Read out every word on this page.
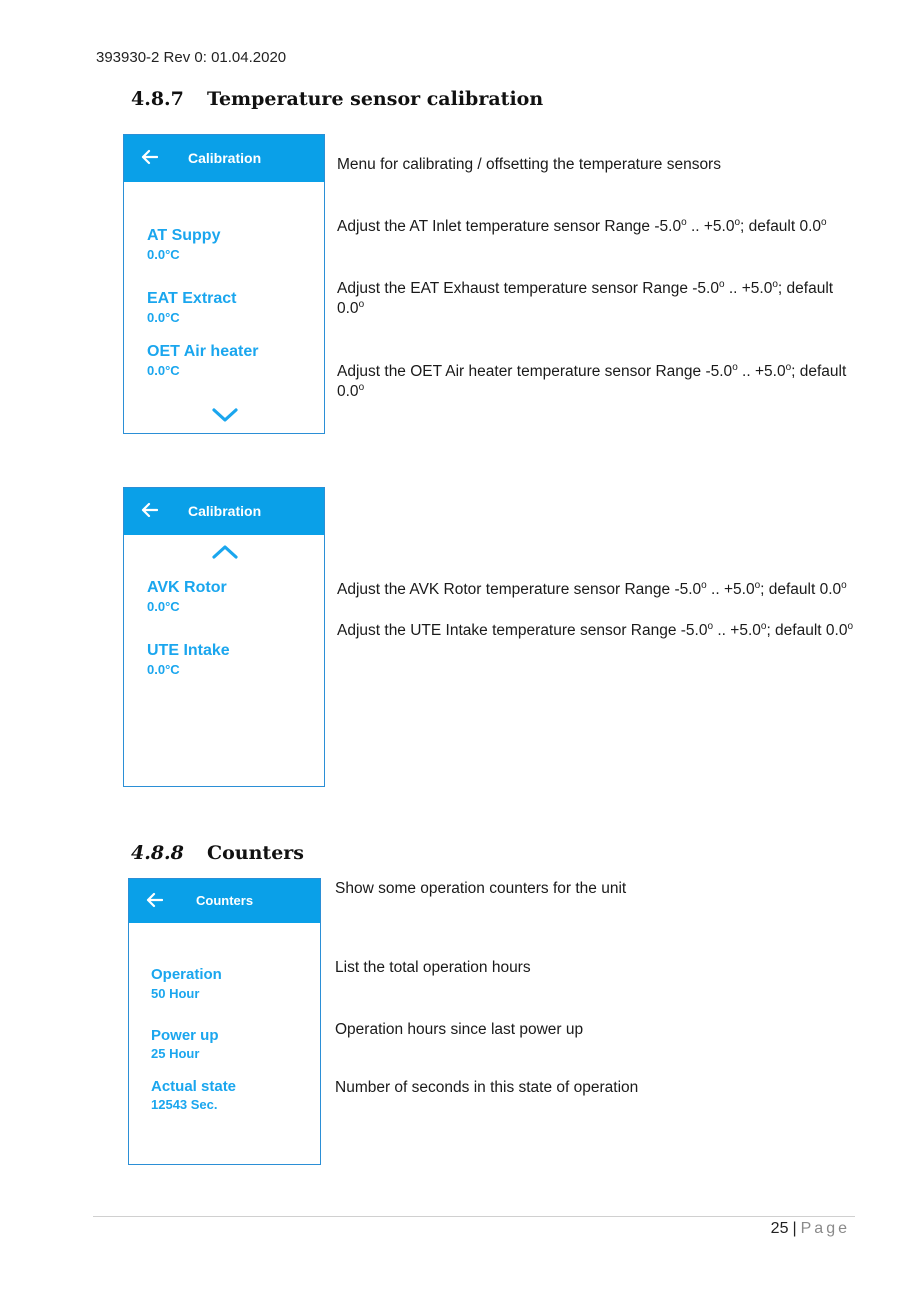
393930-2 Rev 0: 01.04.2020
4.8.7 Temperature sensor calibration
Calibration
AT Suppy
0.0°C
EAT Extract
0.0°C
OET Air heater
0.0°C
Menu for calibrating / offsetting the temperature sensors
Adjust the AT Inlet temperature sensor Range -5.0$^o$ .. $+5.0^o$; default 0.0$^o$
Adjust the EAT Exhaust temperature sensor Range -5.0$^o$ .. $+5.0^o$; default 0.0$^o$
Adjust the OET Air heater temperature sensor Range -5.0$^o$ .. $+5.0^o$; default 0.0$^o$
Calibration
AVK Rotor
0.0°C
UTE Intake
0.0°C
Adjust the AVK Rotor temperature sensor Range -5.0$^o$ .. $+5.0^o$; default 0.0$^o$
Adjust the UTE Intake temperature sensor Range -5.0$^o$ .. $+5.0^o$; default 0.0$^o$
4.8.8 Counters
Counters
Operation
50 Hour
Power up
25 Hour
Actual state
12543 Sec.
Show some operation counters for the unit
List the total operation hours
Operation hours since last power up
Number of seconds in this state of operation
25 | Page
